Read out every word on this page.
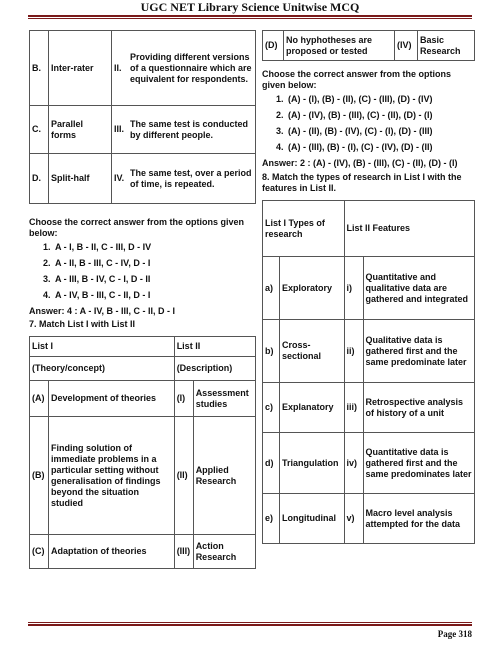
UGC NET Library Science Unitwise MCQ
B.	Inter-rater	II.	Providing different versions of a questionnaire which are equivalent for respondents.
C.	Parallel forms	III.	The same test is conducted by different people.
D.	Split-half	IV.	The same test, over a period of time, is repeated.

Choose the correct answer from the options given below:

1. A - I, B - II, C - III, D - IV
2. A - II, B - III, C - IV, D - I
3. A - III, B - IV, C - I, D - II
4. A - IV, B - III, C - II, D - I

Answer: 4 : A - IV, B - III, C - II, D - I

7. Match List I with List II

List I		List II	
(Theory/concept)		(Description)	
(A)	Development of theories	(I)	Assessment studies
(B)	Finding solution of immediate problems in a particular setting without generalisation of findings beyond the situation studied	(II)	Applied Research
(C)	Adaptation of theories	(III)	Action Research
(D)	No hyphotheses are proposed or tested	(IV)	Basic Research

Choose the correct answer from the options given below:

1. (A) - (I), (B) - (II), (C) - (III), (D) - (IV)
2. (A) - (IV), (B) - (III), (C) - (II), (D) - (I)
3. (A) - (II), (B) - (IV), (C) - (I), (D) - (III)
4. (A) - (III), (B) - (I), (C) - (IV), (D) - (II)

Answer: 2 : (A) - (IV), (B) - (III), (C) - (II), (D) - (I)

8. Match the types of research in List I with the features in List II.

List I Types of research		List II Features	
a)	Exploratory	i)	Quantitative and qualitative data are gathered and integrated
b)	Cross-sectional	ii)	Qualitative data is gathered first and the same predominate later
c)	Explanatory	iii)	Retrospective analysis of history of a unit
d)	Triangulation	iv)	Quantitative data is gathered first and the same predominates later
e)	Longitudinal	v)	Macro level analysis attempted for the data
Page 318
